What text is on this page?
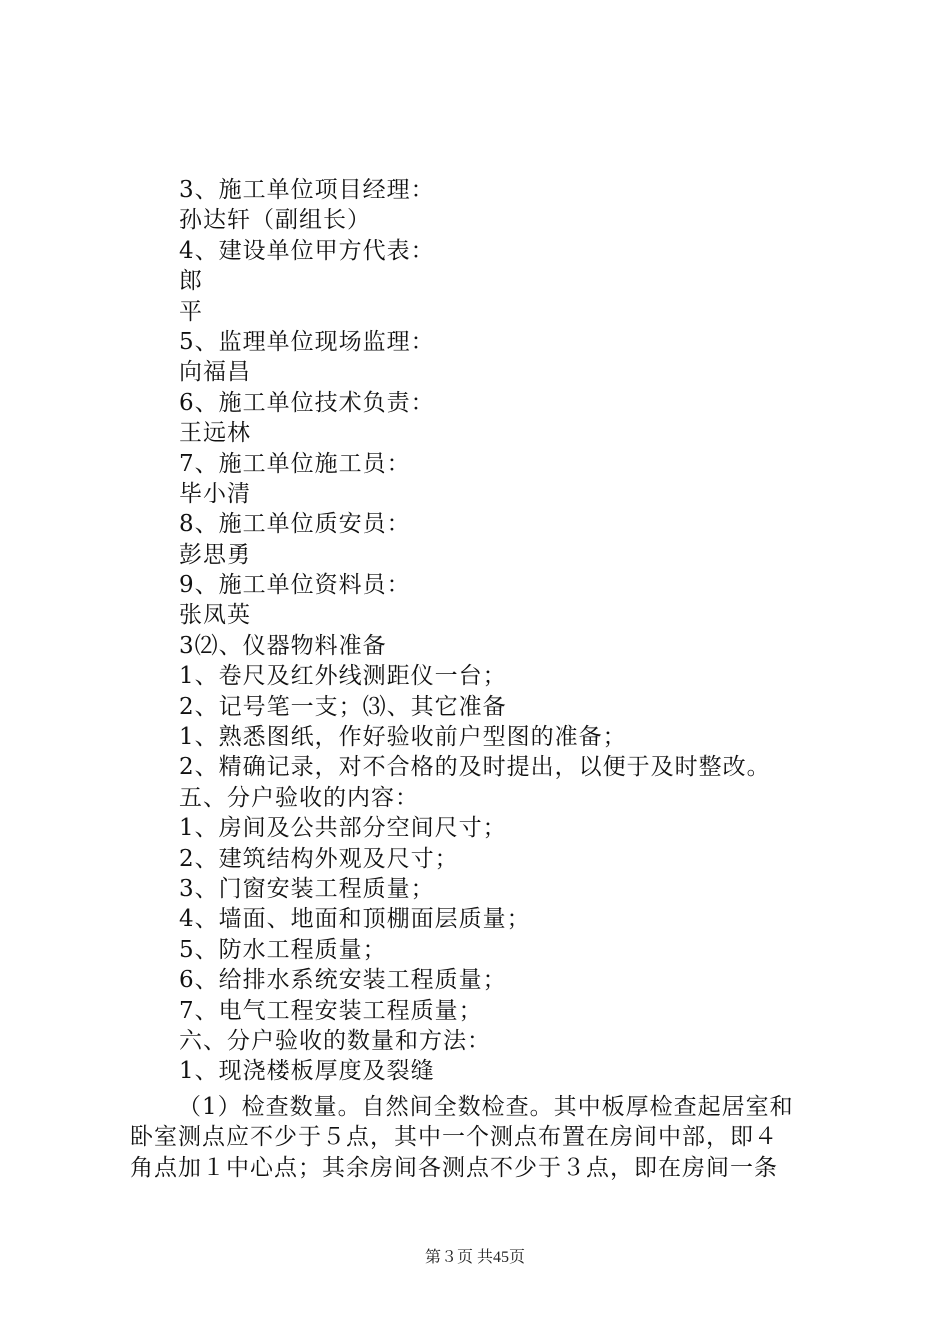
3、施工单位项目经理：
孙达轩（副组长）
4、建设单位甲方代表：
郎
平
5、监理单位现场监理：
向福昌
6、施工单位技术负责：
王远林
7、施工单位施工员：
毕小清
8、施工单位质安员：
彭思勇
9、施工单位资料员：
张凤英
3⑵、仪器物料准备
1、卷尺及红外线测距仪一台；
2、记号笔一支；⑶、其它准备
1、熟悉图纸，作好验收前户型图的准备；
2、精确记录，对不合格的及时提出，以便于及时整改。
五、分户验收的内容：
1、房间及公共部分空间尺寸；
2、建筑结构外观及尺寸；
3、门窗安装工程质量；
4、墙面、地面和顶棚面层质量；
5、防水工程质量；
6、给排水系统安装工程质量；
7、电气工程安装工程质量；
六、分户验收的数量和方法：
1、现浇楼板厚度及裂缝
（1）检查数量。自然间全数检查。其中板厚检查起居室和
卧室测点应不少于５点，其中一个测点布置在房间中部，即４
角点加１中心点；其余房间各测点不少于３点，即在房间一条
第３页 共45页
